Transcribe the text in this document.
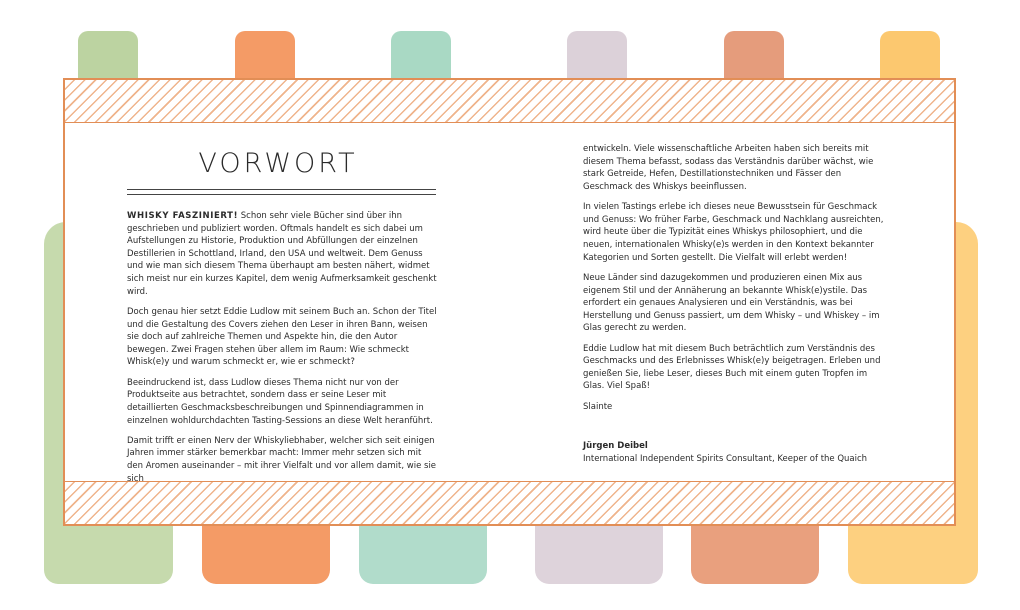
VORWORT

WHISKY FASZINIERT! Schon sehr viele Bücher sind über ihn geschrieben und publiziert worden. Oftmals handelt es sich dabei um Aufstellungen zu Historie, Produktion und Abfüllungen der einzelnen Destillerien in Schottland, Irland, den USA und weltweit. Dem Genuss und wie man sich diesem Thema überhaupt am besten nähert, widmet sich meist nur ein kurzes Kapitel, dem wenig Aufmerksamkeit geschenkt wird.

Doch genau hier setzt Eddie Ludlow mit seinem Buch an. Schon der Titel und die Gestaltung des Covers ziehen den Leser in ihren Bann, weisen sie doch auf zahlreiche Themen und Aspekte hin, die den Autor bewegen. Zwei Fragen stehen über allem im Raum: Wie schmeckt Whisk(e)y und warum schmeckt er, wie er schmeckt?

Beeindruckend ist, dass Ludlow dieses Thema nicht nur von der Produktseite aus betrachtet, sondern dass er seine Leser mit detaillierten Geschmacksbeschreibungen und Spinnendiagrammen in einzelnen wohldurchdachten Tasting-Sessions an diese Welt heranführt.

Damit trifft er einen Nerv der Whiskyliebhaber, welcher sich seit einigen Jahren immer stärker bemerkbar macht: Immer mehr setzen sich mit den Aromen auseinander – mit ihrer Vielfalt und vor allem damit, wie sie sich

entwickeln. Viele wissenschaftliche Arbeiten haben sich bereits mit diesem Thema befasst, sodass das Verständnis darüber wächst, wie stark Getreide, Hefen, Destillationstechniken und Fässer den Geschmack des Whiskys beeinflussen.

In vielen Tastings erlebe ich dieses neue Bewusstsein für Geschmack und Genuss: Wo früher Farbe, Geschmack und Nachklang ausreichten, wird heute über die Typizität eines Whiskys philosophiert, und die neuen, internationalen Whisky(e)s werden in den Kontext bekannter Kategorien und Sorten gestellt. Die Vielfalt will erlebt werden!

Neue Länder sind dazugekommen und produzieren einen Mix aus eigenem Stil und der Annäherung an bekannte Whisk(e)ystile. Das erfordert ein genaues Analysieren und ein Verständnis, was bei Herstellung und Genuss passiert, um dem Whisky – und Whiskey – im Glas gerecht zu werden.

Eddie Ludlow hat mit diesem Buch beträchtlich zum Verständnis des Geschmacks und des Erlebnisses Whisk(e)y beigetragen. Erleben und genießen Sie, liebe Leser, dieses Buch mit einem guten Tropfen im Glas. Viel Spaß!

Slainte

Jürgen Deibel

International Independent Spirits Consultant, Keeper of the Quaich
